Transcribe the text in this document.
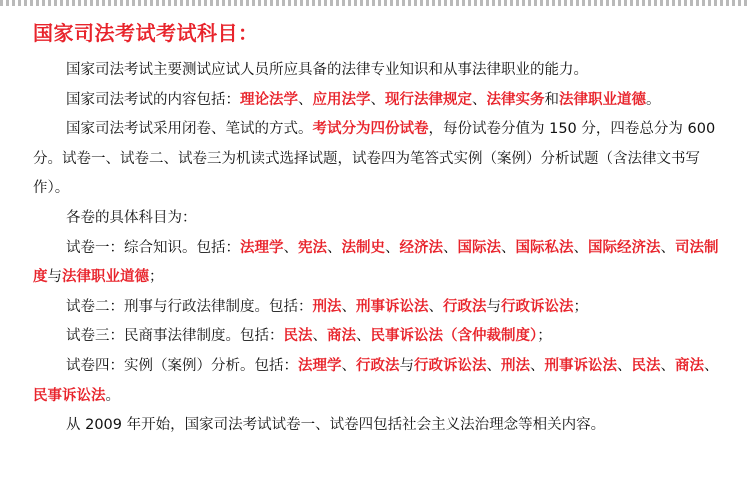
国家司法考试考试科目：

国家司法考试主要测试应试人员所应具备的法律专业知识和从事法律职业的能力。

国家司法考试的内容包括：理论法学、应用法学、现行法律规定、法律实务和法律职业道德。

国家司法考试采用闭卷、笔试的方式。考试分为四份试卷，每份试卷分值为 150 分，四卷总分为 600 分。试卷一、试卷二、试卷三为机读式选择试题，试卷四为笔答式实例（案例）分析试题（含法律文书写作）。

各卷的具体科目为：

试卷一：综合知识。包括：法理学、宪法、法制史、经济法、国际法、国际私法、国际经济法、司法制度与法律职业道德；

试卷二：刑事与行政法律制度。包括：刑法、刑事诉讼法、行政法与行政诉讼法；

试卷三：民商事法律制度。包括：民法、商法、民事诉讼法（含仲裁制度）；

试卷四：实例（案例）分析。包括：法理学、行政法与行政诉讼法、刑法、刑事诉讼法、民法、商法、民事诉讼法。

从 2009 年开始，国家司法考试试卷一、试卷四包括社会主义法治理念等相关内容。
